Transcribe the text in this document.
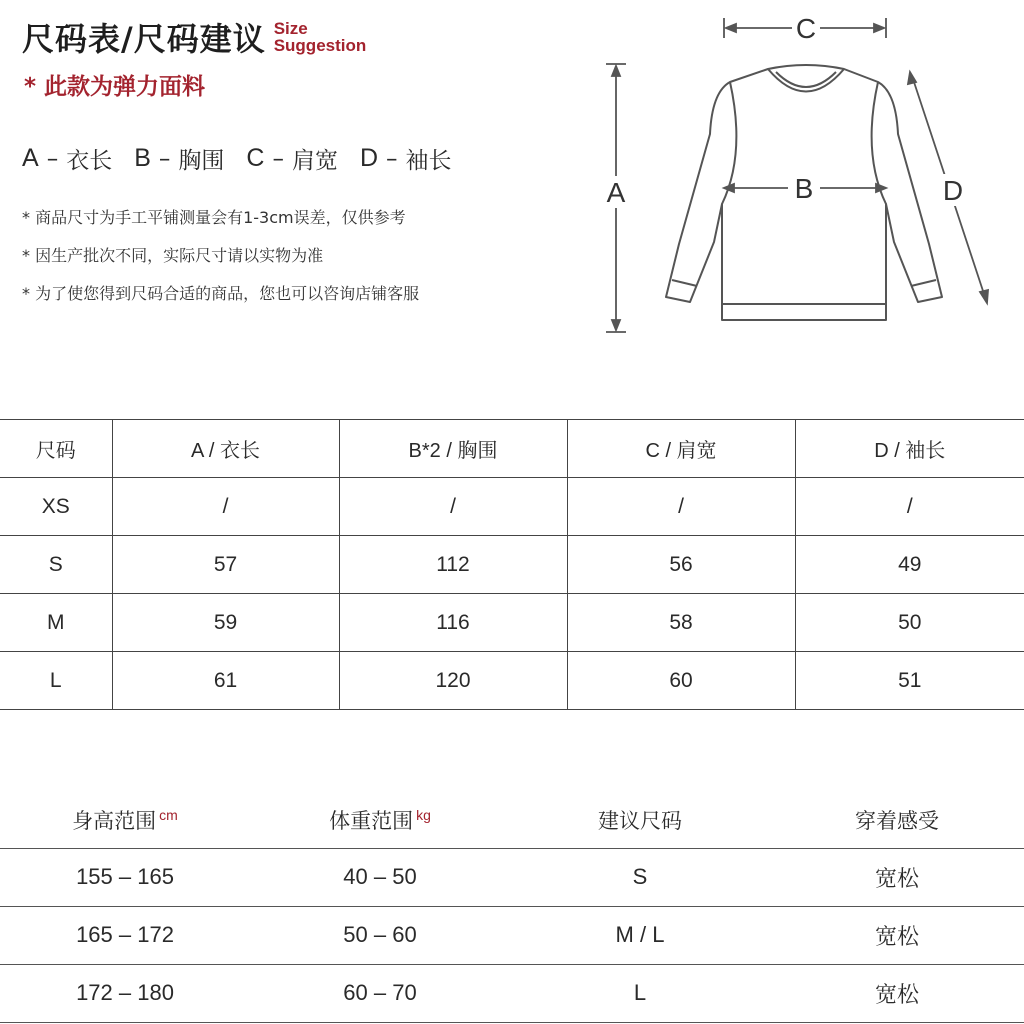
尺码表/尺码建议 Size
Suggestion
* 此款为弹力面料
A – 衣长 B – 胸围 C – 肩宽 D – 袖长
* 商品尺寸为手工平铺测量会有1-3cm误差，仅供参考
* 因生产批次不同，实际尺寸请以实物为准
* 为了使您得到尺码合适的商品，您也可以咨询店铺客服
C
B
A	D
尺码	A / 衣长	B*2 / 胸围	C / 肩宽	D / 袖长
XS	/	/	/	/
S	57	112	56	49
M	59	116	58	50
L	61	120	60	51
身高范围 $^{cm}$	体重范围 $^{kg}$	建议尺码	穿着感受
155 – 165	40 – 50	S	宽松
165 – 172	50 – 60	M / L	宽松
172 – 180	60 – 70	L	宽松
